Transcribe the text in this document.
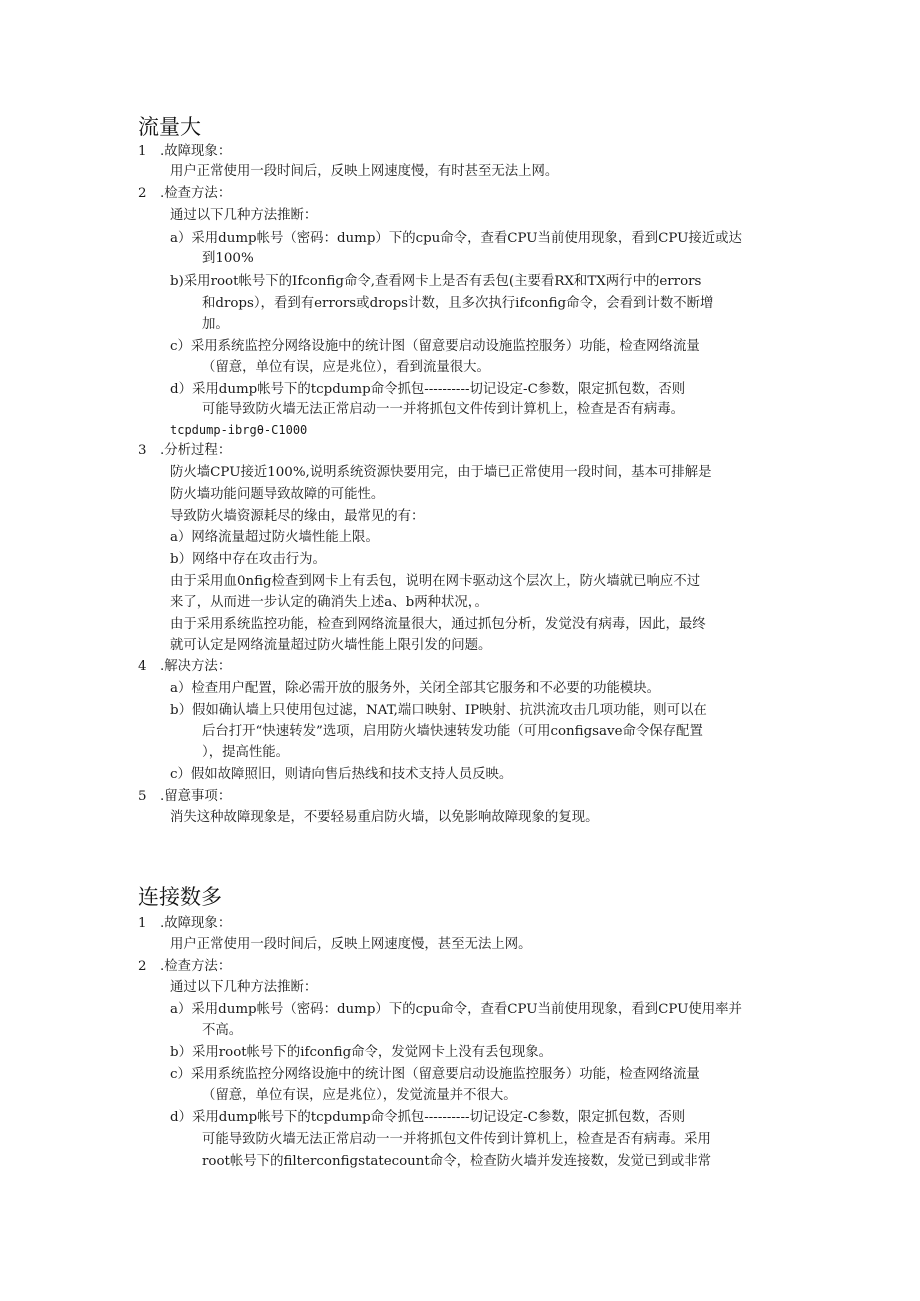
流量大
1 .故障现象：
用户正常使用一段时间后，反映上网速度慢，有时甚至无法上网。
2 .检查方法：
通过以下几种方法推断：
a）采用dump帐号（密码：dump）下的cpu命令，查看CPU当前使用现象，看到CPU接近或达
到100%
b)采用root帐号下的Ifconfig命令,查看网卡上是否有丢包(主要看RX和TX两行中的errors
和drops），看到有errors或drops计数，且多次执行ifconfig命令，会看到计数不断增
加。
c）采用系统监控分网络设施中的统计图（留意要启动设施监控服务）功能，检查网络流量
（留意，单位有误，应是兆位），看到流量很大。
d）采用dump帐号下的tcpdump命令抓包----------切记设定-C参数，限定抓包数，否则
可能导致防火墙无法正常启动一一并将抓包文件传到计算机上，检查是否有病毒。
tcpdump-ibrgθ-C1000
3 .分析过程：
防火墙CPU接近100%,说明系统资源快要用完，由于墙已正常使用一段时间，基本可排解是
防火墙功能问题导致故障的可能性。
导致防火墙资源耗尽的缘由，最常见的有：
a）网络流量超过防火墙性能上限。
b）网络中存在攻击行为。
由于采用血0nfig检查到网卡上有丢包，说明在网卡驱动这个层次上，防火墙就已响应不过
来了，从而进一步认定的确消失上述a、b两种状况，。
由于采用系统监控功能，检查到网络流量很大，通过抓包分析，发觉没有病毒，因此，最终
就可认定是网络流量超过防火墙性能上限引发的问题。
4 .解决方法：
a）检查用户配置，除必需开放的服务外，关闭全部其它服务和不必要的功能模块。
b）假如确认墙上只使用包过滤，NAT,端口映射、IP映射、抗洪流攻击几项功能，则可以在
后台打开“快速转发”选项，启用防火墙快速转发功能（可用configsave命令保存配置
），提高性能。
c）假如故障照旧，则请向售后热线和技术支持人员反映。
5 .留意事项：
消失这种故障现象是，不要轻易重启防火墙，以免影响故障现象的复现。
连接数多
1 .故障现象：
用户正常使用一段时间后，反映上网速度慢，甚至无法上网。
2 .检查方法：
通过以下几种方法推断：
a）采用dump帐号（密码：dump）下的cpu命令，查看CPU当前使用现象，看到CPU使用率并
不高。
b）采用root帐号下的ifconfig命令，发觉网卡上没有丢包现象。
c）采用系统监控分网络设施中的统计图（留意要启动设施监控服务）功能，检查网络流量
（留意，单位有误，应是兆位），发觉流量并不很大。
d）采用dump帐号下的tcpdump命令抓包----------切记设定-C参数，限定抓包数，否则
可能导致防火墙无法正常启动一一并将抓包文件传到计算机上，检查是否有病毒。采用
root帐号下的filterconfigstatecount命令，检查防火墙并发连接数，发觉已到或非常
